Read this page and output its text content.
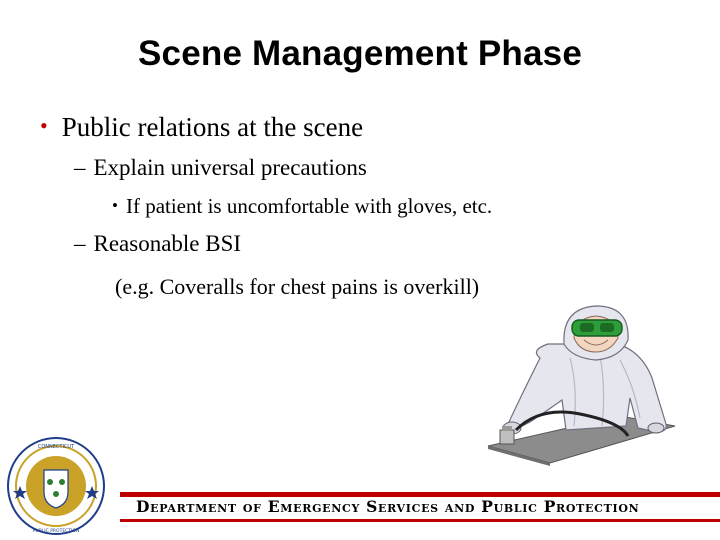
Scene Management Phase
• Public relations at the scene
– Explain universal precautions
• If patient is uncomfortable with gloves, etc.
– Reasonable BSI
(e.g. Coveralls for chest pains is overkill)
CONNECTICUT
PUBLIC PROTECTION
Department of Emergency Services and Public Protection
